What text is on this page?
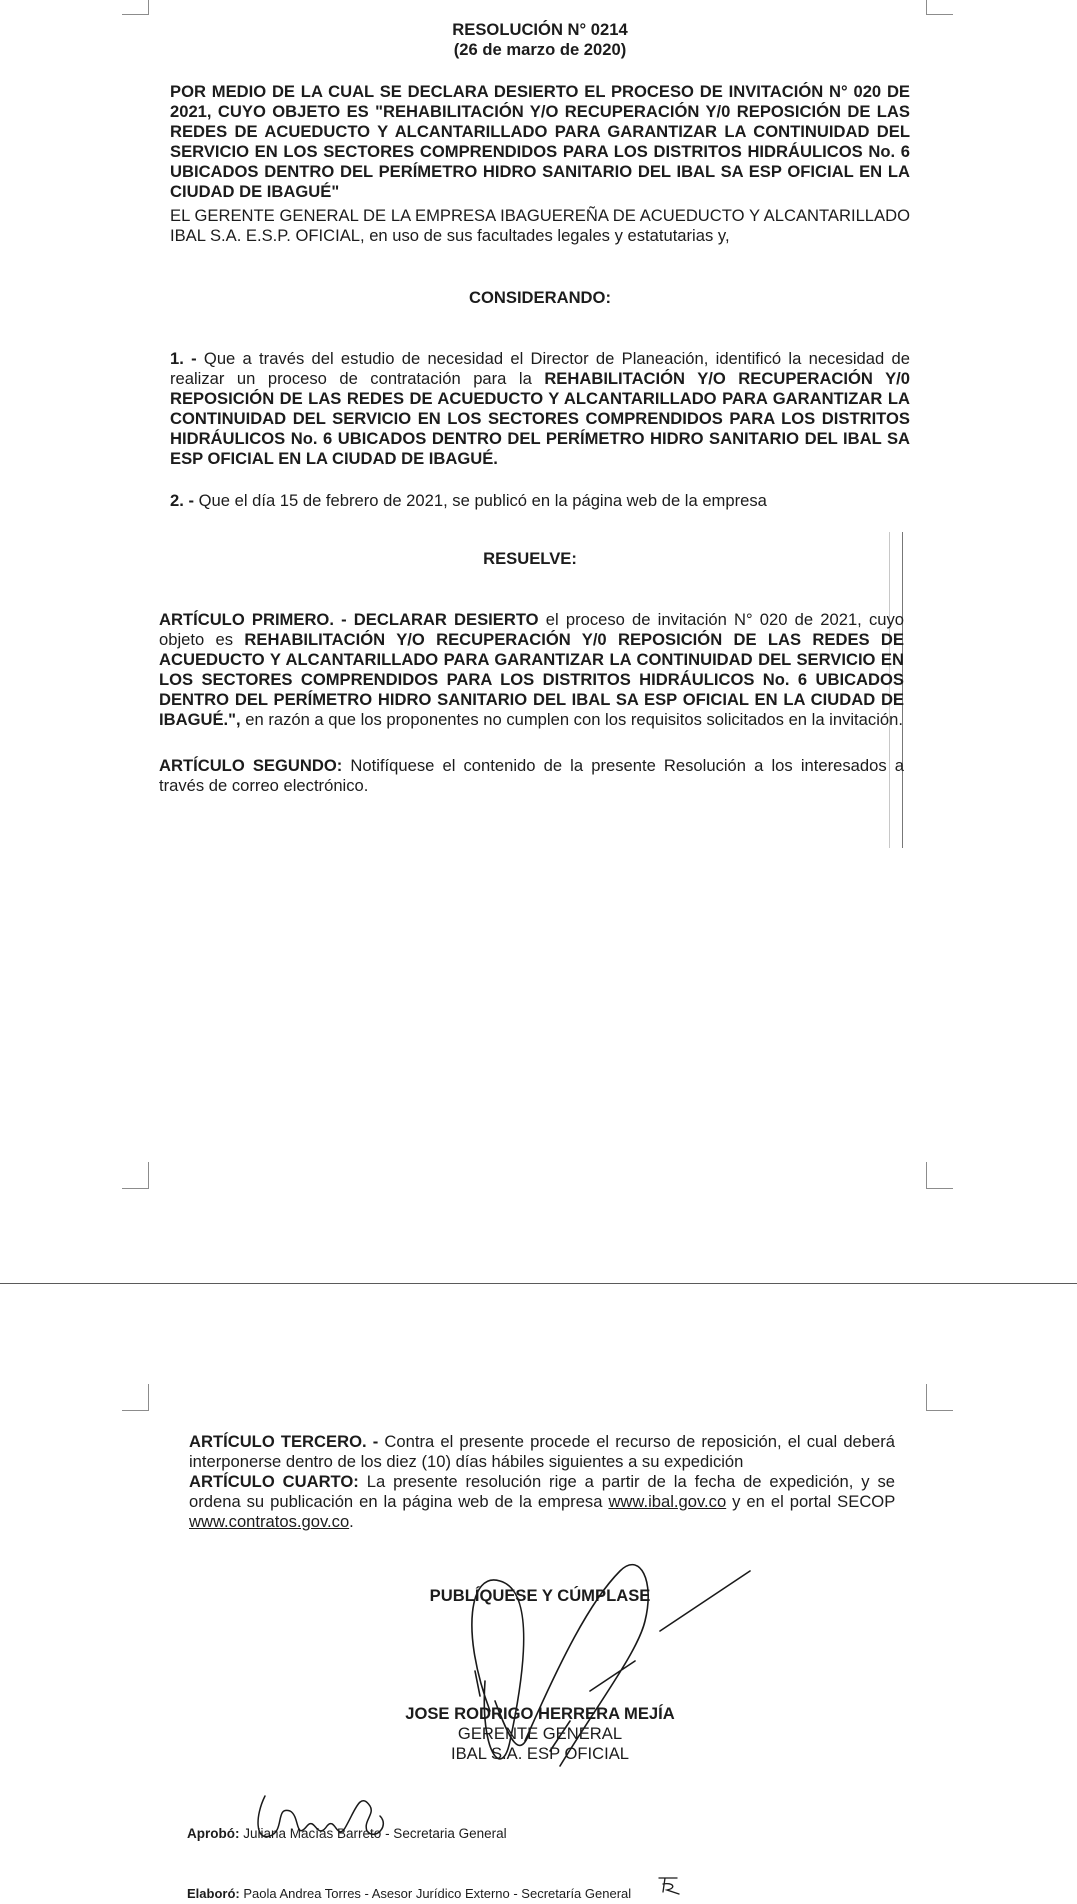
RESOLUCIÓN N° 0214
(26 de marzo de 2020)
POR MEDIO DE LA CUAL SE DECLARA DESIERTO EL PROCESO DE INVITACIÓN N° 020 DE 2021, CUYO OBJETO ES "REHABILITACIÓN Y/O RECUPERACIÓN Y/0 REPOSICIÓN DE LAS REDES DE ACUEDUCTO Y ALCANTARILLADO PARA GARANTIZAR LA CONTINUIDAD DEL SERVICIO EN LOS SECTORES COMPRENDIDOS PARA LOS DISTRITOS HIDRÁULICOS No. 6 UBICADOS DENTRO DEL PERÍMETRO HIDRO SANITARIO DEL IBAL SA ESP OFICIAL EN LA CIUDAD DE IBAGUÉ"
EL GERENTE GENERAL DE LA EMPRESA IBAGUEREÑA DE ACUEDUCTO Y ALCANTARILLADO IBAL S.A. E.S.P. OFICIAL, en uso de sus facultades legales y estatutarias y,
CONSIDERANDO:
1. - Que a través del estudio de necesidad el Director de Planeación, identificó la necesidad de realizar un proceso de contratación para la REHABILITACIÓN Y/O RECUPERACIÓN Y/0 REPOSICIÓN DE LAS REDES DE ACUEDUCTO Y ALCANTARILLADO PARA GARANTIZAR LA CONTINUIDAD DEL SERVICIO EN LOS SECTORES COMPRENDIDOS PARA LOS DISTRITOS HIDRÁULICOS No. 6 UBICADOS DENTRO DEL PERÍMETRO HIDRO SANITARIO DEL IBAL SA ESP OFICIAL EN LA CIUDAD DE IBAGUÉ.
2. - Que el día 15 de febrero de 2021, se publicó en la página web de la empresa
RESUELVE:
ARTÍCULO PRIMERO. - DECLARAR DESIERTO el proceso de invitación N° 020 de 2021, cuyo objeto es REHABILITACIÓN Y/O RECUPERACIÓN Y/0 REPOSICIÓN DE LAS REDES DE ACUEDUCTO Y ALCANTARILLADO PARA GARANTIZAR LA CONTINUIDAD DEL SERVICIO EN LOS SECTORES COMPRENDIDOS PARA LOS DISTRITOS HIDRÁULICOS No. 6 UBICADOS DENTRO DEL PERÍMETRO HIDRO SANITARIO DEL IBAL SA ESP OFICIAL EN LA CIUDAD DE IBAGUÉ.", en razón a que los proponentes no cumplen con los requisitos solicitados en la invitación.
ARTÍCULO SEGUNDO: Notifíquese el contenido de la presente Resolución a los interesados a través de correo electrónico.
ARTÍCULO TERCERO. - Contra el presente procede el recurso de reposición, el cual deberá interponerse dentro de los diez (10) días hábiles siguientes a su expedición
ARTÍCULO CUARTO: La presente resolución rige a partir de la fecha de expedición, y se ordena su publicación en la página web de la empresa www.ibal.gov.co y en el portal SECOP www.contratos.gov.co.
PUBLÍQUESE Y CÚMPLASE
JOSE RODRIGO HERRERA MEJÍA
GERENTE GENERAL
IBAL S.A. ESP OFICIAL
Aprobó: Juliana Macías Barreto - Secretaria General
Elaboró: Paola Andrea Torres - Asesor Jurídico Externo - Secretaría General
